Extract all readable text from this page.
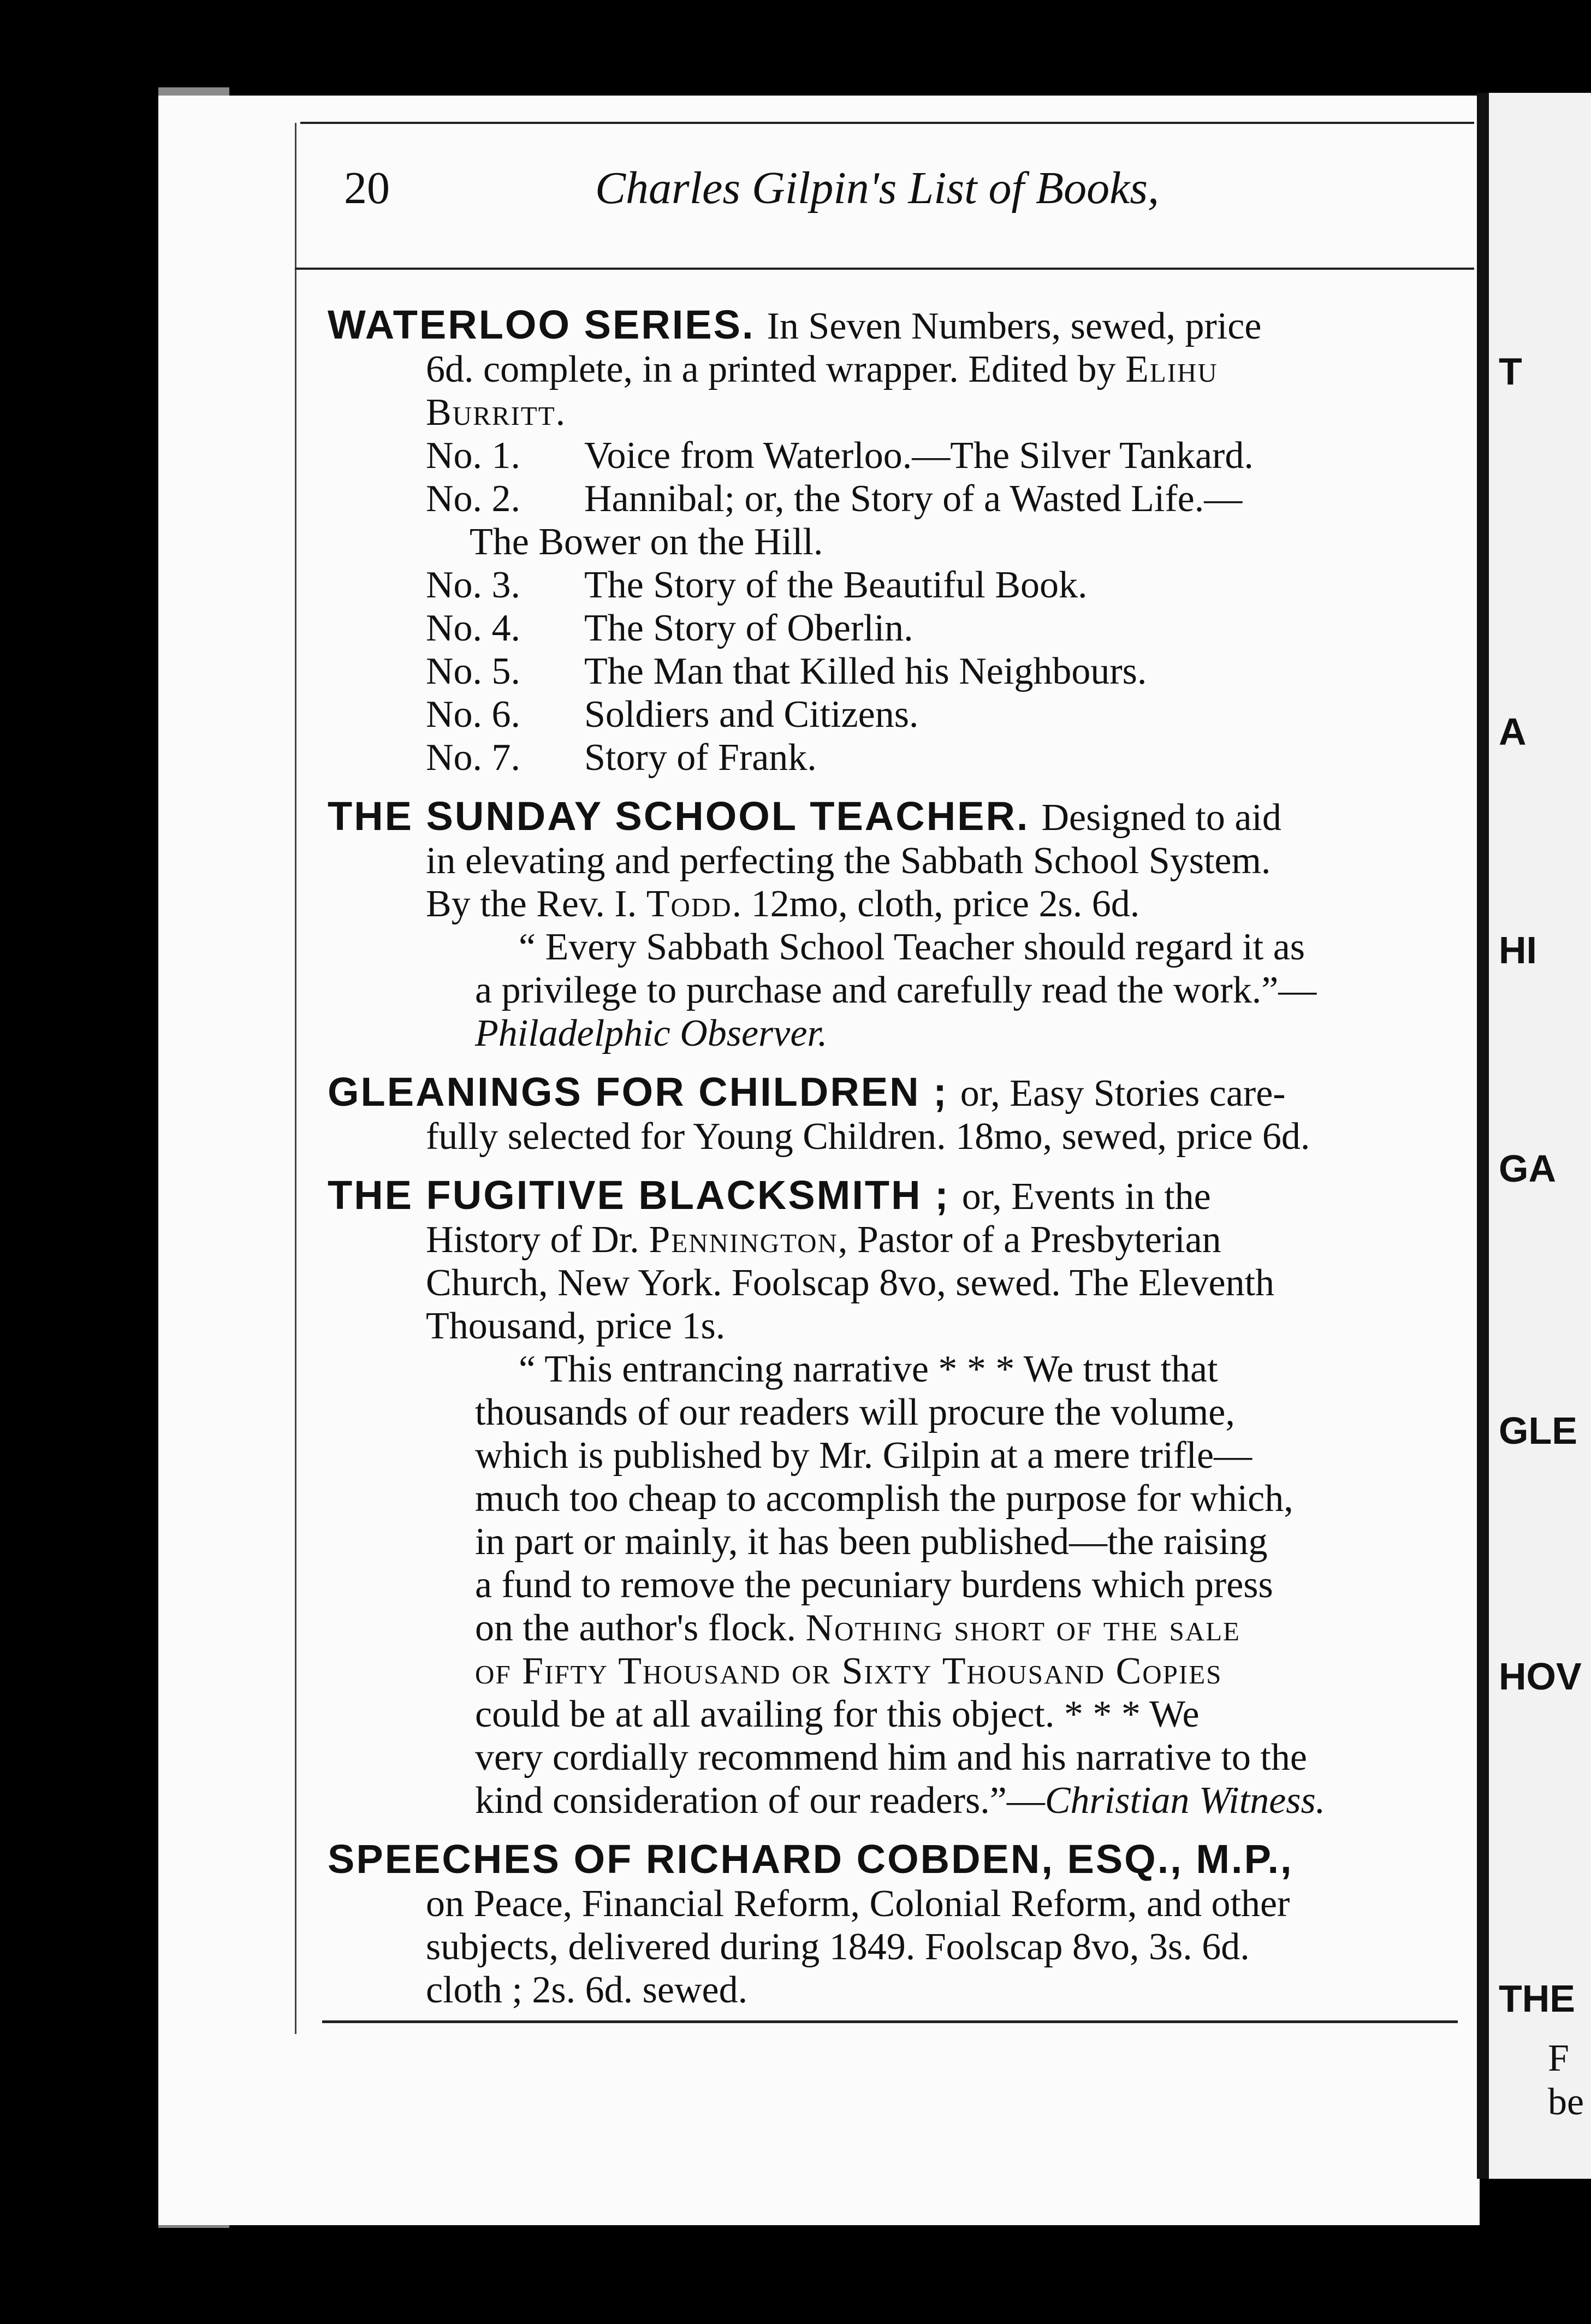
20	Charles Gilpin's List of Books,
WATERLOO SERIES. In Seven Numbers, sewed, price
6d. complete, in a printed wrapper. Edited by Elihu
Burritt.
No. 1. Voice from Waterloo.—The Silver Tankard.
No. 2. Hannibal; or, the Story of a Wasted Life.—
The Bower on the Hill.
No. 3. The Story of the Beautiful Book.
No. 4. The Story of Oberlin.
No. 5. The Man that Killed his Neighbours.
No. 6. Soldiers and Citizens.
No. 7. Story of Frank.
THE SUNDAY SCHOOL TEACHER. Designed to aid
in elevating and perfecting the Sabbath School System.
By the Rev. I. Todd. 12mo, cloth, price 2s. 6d.
“ Every Sabbath School Teacher should regard it as
a privilege to purchase and carefully read the work.”—
Philadelphic Observer.
GLEANINGS FOR CHILDREN ; or, Easy Stories care-
fully selected for Young Children. 18mo, sewed, price 6d.
THE FUGITIVE BLACKSMITH ; or, Events in the
History of Dr. Pennington, Pastor of a Presbyterian
Church, New York. Foolscap 8vo, sewed. The Eleventh
Thousand, price 1s.
“ This entrancing narrative * * * We trust that
thousands of our readers will procure the volume,
which is published by Mr. Gilpin at a mere trifle—
much too cheap to accomplish the purpose for which,
in part or mainly, it has been published—the raising
a fund to remove the pecuniary burdens which press
on the author's flock. Nothing short of the sale
of Fifty Thousand or Sixty Thousand Copies
could be at all availing for this object. * * * We
very cordially recommend him and his narrative to the
kind consideration of our readers.”—Christian Witness.
SPEECHES OF RICHARD COBDEN, ESQ., M.P.,
on Peace, Financial Reform, Colonial Reform, and other
subjects, delivered during 1849. Foolscap 8vo, 3s. 6d.
cloth ; 2s. 6d. sewed.
T
A
HI
GA
GLE
HOV
THE
F
be
